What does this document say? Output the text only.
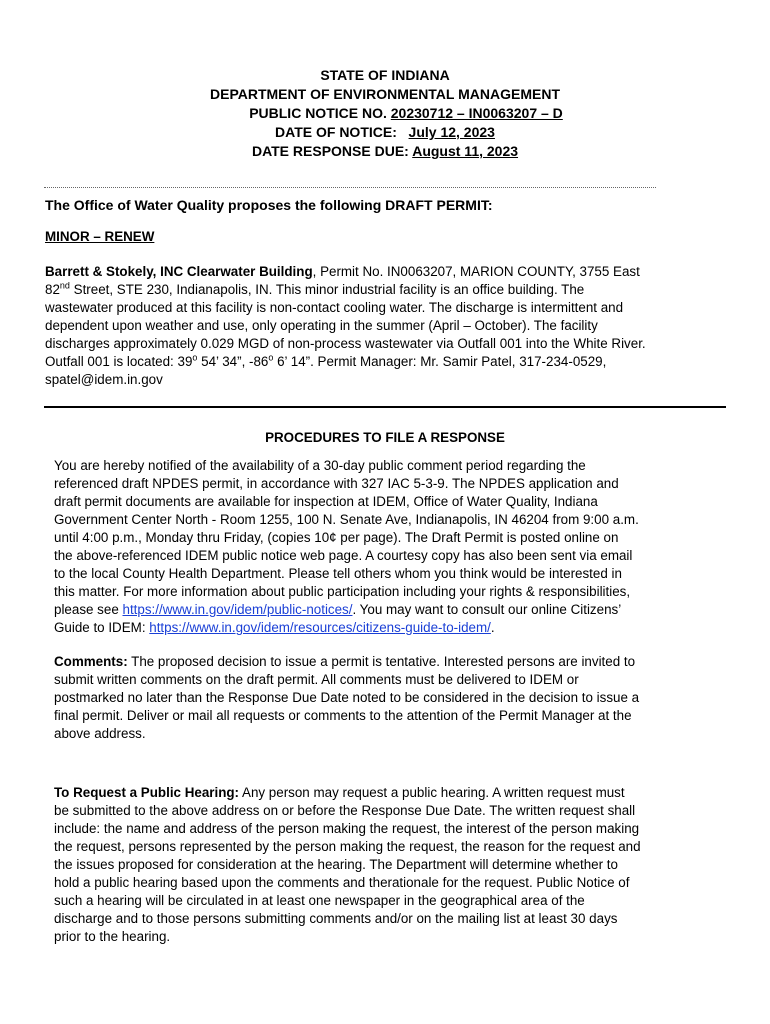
STATE OF INDIANA
DEPARTMENT OF ENVIRONMENTAL MANAGEMENT
PUBLIC NOTICE NO. 20230712 – IN0063207 – D
DATE OF NOTICE: July 12, 2023
DATE RESPONSE DUE: August 11, 2023
The Office of Water Quality proposes the following DRAFT PERMIT:
MINOR – RENEW
Barrett & Stokely, INC Clearwater Building, Permit No. IN0063207, MARION COUNTY, 3755 East
82nd Street, STE 230, Indianapolis, IN. This minor industrial facility is an office building. The
wastewater produced at this facility is non-contact cooling water. The discharge is intermittent and
dependent upon weather and use, only operating in the summer (April – October). The facility
discharges approximately 0.029 MGD of non-process wastewater via Outfall 001 into the White River.
Outfall 001 is located: 39$^o$ 54’ 34”, -86$^o$ 6’ 14”. Permit Manager: Mr. Samir Patel, 317-234-0529,
spatel@idem.in.gov
PROCEDURES TO FILE A RESPONSE
You are hereby notified of the availability of a 30-day public comment period regarding the
referenced draft NPDES permit, in accordance with 327 IAC 5-3-9. The NPDES application and
draft permit documents are available for inspection at IDEM, Office of Water Quality, Indiana
Government Center North - Room 1255, 100 N. Senate Ave, Indianapolis, IN 46204 from 9:00 a.m.
until 4:00 p.m., Monday thru Friday, (copies 10¢ per page). The Draft Permit is posted online on
the above-referenced IDEM public notice web page. A courtesy copy has also been sent via email
to the local County Health Department. Please tell others whom you think would be interested in
this matter. For more information about public participation including your rights & responsibilities,
please see https://www.in.gov/idem/public-notices/. You may want to consult our online Citizens’
Guide to IDEM: https://www.in.gov/idem/resources/citizens-guide-to-idem/.
Comments: The proposed decision to issue a permit is tentative. Interested persons are invited to
submit written comments on the draft permit. All comments must be delivered to IDEM or
postmarked no later than the Response Due Date noted to be considered in the decision to issue a
final permit. Deliver or mail all requests or comments to the attention of the Permit Manager at the
above address.
To Request a Public Hearing: Any person may request a public hearing. A written request must
be submitted to the above address on or before the Response Due Date. The written request shall
include: the name and address of the person making the request, the interest of the person making
the request, persons represented by the person making the request, the reason for the request and
the issues proposed for consideration at the hearing. The Department will determine whether to
hold a public hearing based upon the comments and therationale for the request. Public Notice of
such a hearing will be circulated in at least one newspaper in the geographical area of the
discharge and to those persons submitting comments and/or on the mailing list at least 30 days
prior to the hearing.
